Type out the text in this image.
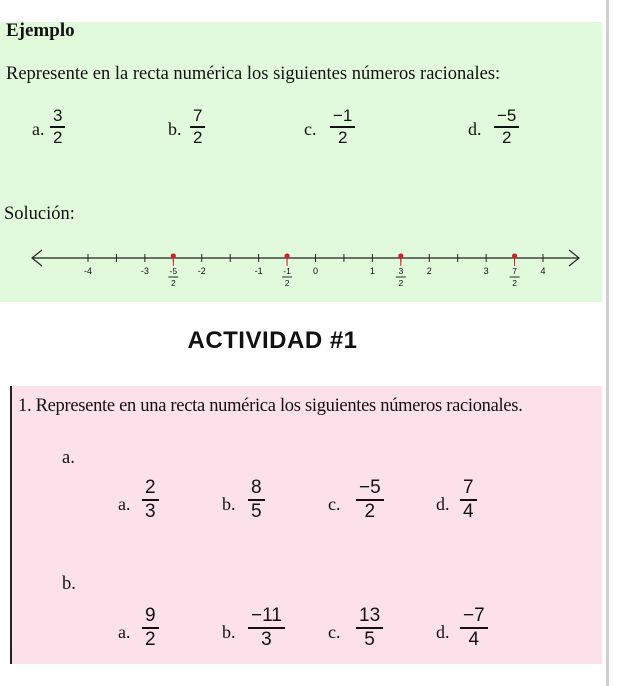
Ejemplo
Represente en la recta numérica los siguientes números racionales:
a.
3
2	b.
7
2	c.
−1
2	d.
−5
2
Solución:
-4	-3	-2	-1	0	1	2	3	4
-5
2
-1
2
3
2
7
2
ACTIVIDAD #1
1. Represente en una recta numérica los siguientes números racionales.
a.
a.
2
3	b.
8
5	c.
−5
2	d.
7
4
b.
a.
9
2	b.
−11
3	c.
13
5	d.
−7
4
